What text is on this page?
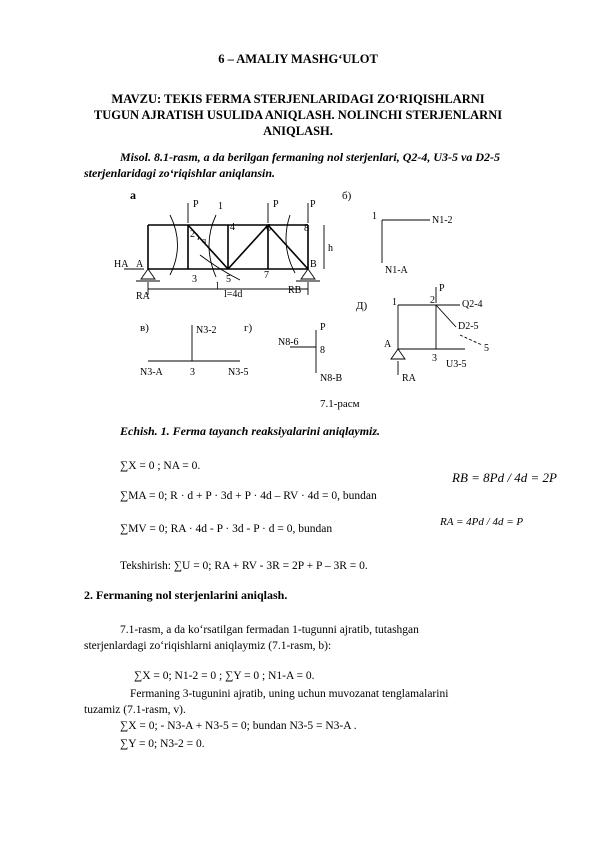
6 – AMALIY MASHG‘ULOT
MAVZU: TEKIS FERMA STERJENLARIDAGI ZO‘RIQISHLARNI
TUGUN AJRATISH USULIDA ANIQLASH. NOLINCHI STERJENLARNI
ANIQLASH.
Misol. 8.1-rasm, a da berilgan fermaning nol sterjenlari, Q2-4, U3-5 va D2-5
sterjenlaridagi zo‘riqishlar aniqlansin.
а	б)
в)	г)
Д)
P	P	P
1
2
4	6	8
3	5	7
A	B
HA
RA
RB
h
l
l=4d
α
1	N1-2
N1-A
N3-2
N3-A	3	N3-5
P
N8-6
8
N8-B
P
1	2	Q2-4
D2-5
A
3
5
U3-5
RA
7.1-расм
Echish. 1. Ferma tayanch reaksiyalarini aniqlaymiz.
∑X = 0 ; NA = 0.
∑MA = 0; R · d + P · 3d + P · 4d – RV · 4d = 0, bundan
RB = 8Pd / 4d = 2P
∑MV = 0; RA · 4d - P · 3d - P · d = 0, bundan
RA = 4Pd / 4d = P
Tekshirish: ∑U = 0; RA + RV - 3R = 2P + P – 3R = 0.
2. Fermaning nol sterjenlarini aniqlash.
7.1-rasm, a da ko‘rsatilgan fermadan 1-tugunni ajratib, tutashgan
sterjenlardagi zo‘riqishlarni aniqlaymiz (7.1-rasm, b):
∑X = 0; N1-2 = 0 ; ∑Y = 0 ; N1-A = 0.
Fermaning 3-tugunini ajratib, uning uchun muvozanat tenglamalarini
tuzamiz (7.1-rasm, v).
∑X = 0; - N3-A + N3-5 = 0; bundan N3-5 = N3-A .
∑Y = 0; N3-2 = 0.
